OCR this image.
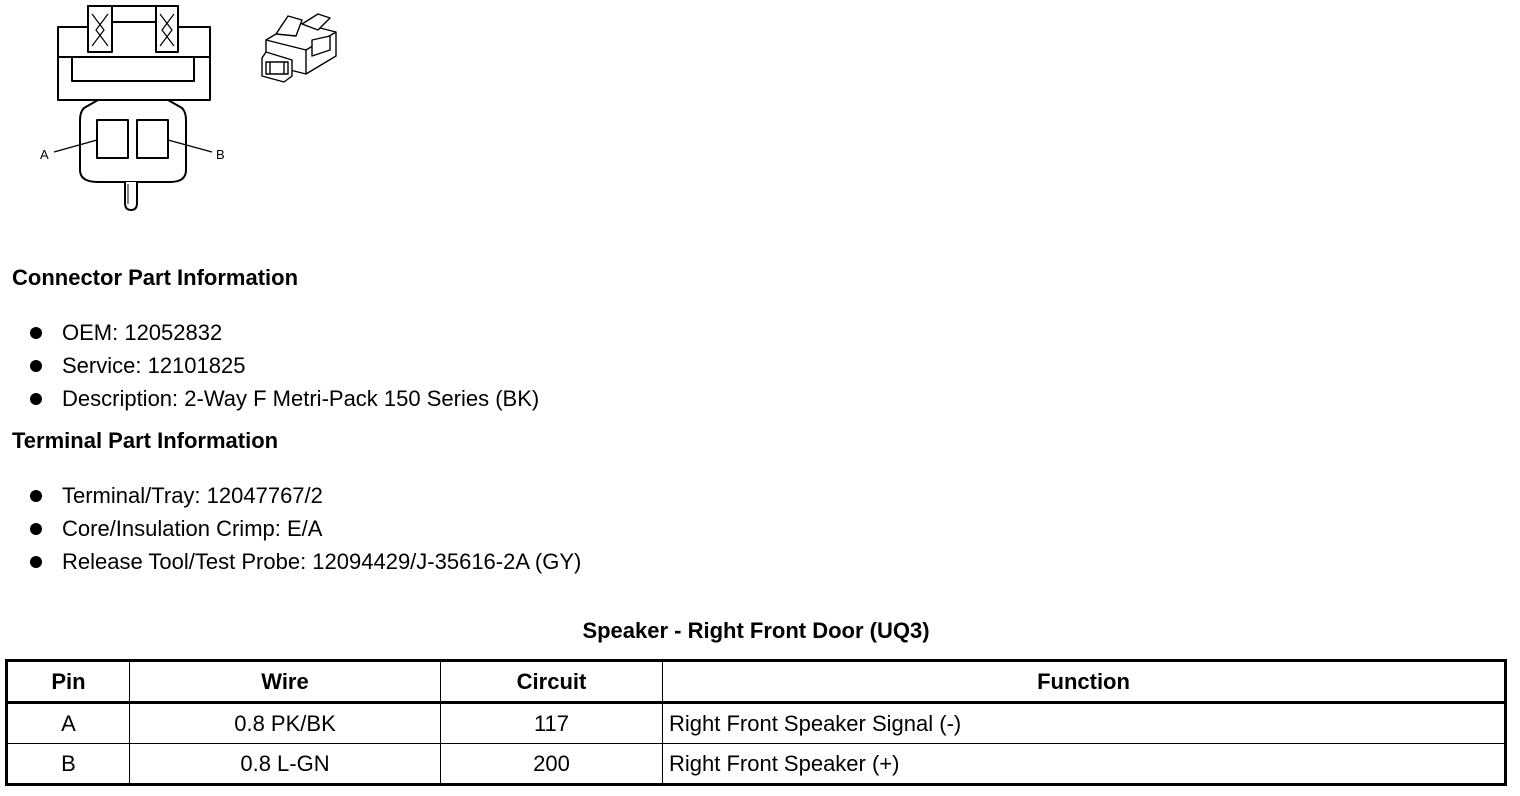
A	B
Connector Part Information
OEM: 12052832
Service: 12101825
Description: 2-Way F Metri-Pack 150 Series (BK)
Terminal Part Information
Terminal/Tray: 12047767/2
Core/Insulation Crimp: E/A
Release Tool/Test Probe: 12094429/J-35616-2A (GY)
Speaker - Right Front Door (UQ3)
Pin	Wire	Circuit	Function
A	0.8 PK/BK	117	Right Front Speaker Signal (-)
B	0.8 L-GN	200	Right Front Speaker (+)
